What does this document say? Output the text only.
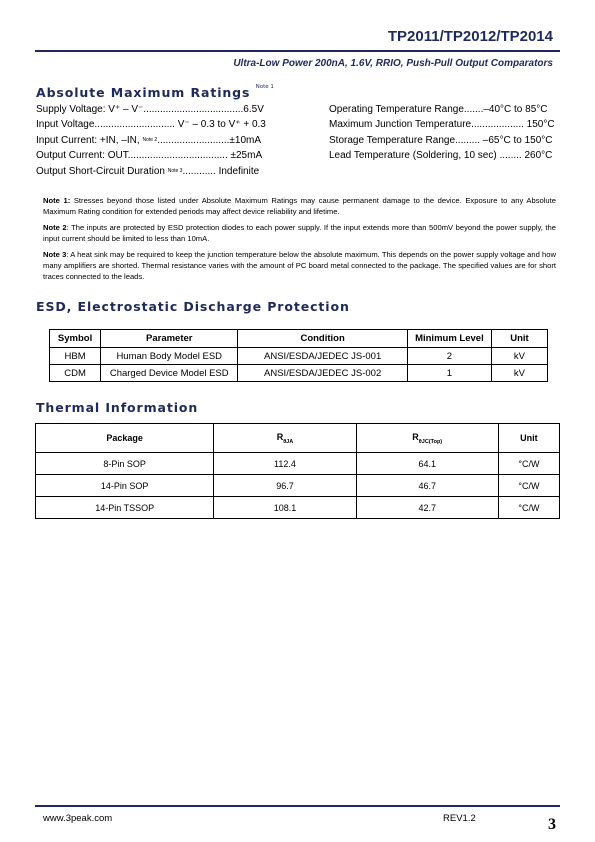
TP2011/TP2012/TP2014
Ultra-Low Power 200nA, 1.6V, RRIO, Push-Pull Output Comparators
Absolute Maximum Ratings $^{Note 1}$
Supply Voltage: V⁺ – V⁻....................................6.5V
Input Voltage............................. V⁻ – 0.3 to V⁺ + 0.3
Input Current: +IN, –IN, $^{Note 2}$..........................±10mA
Output Current: OUT.................................... ±25mA
Output Short-Circuit Duration $^{Note 3}$............ Indefinite
Operating Temperature Range.......–40°C to 85°C
Maximum Junction Temperature................... 150°C
Storage Temperature Range......... –65°C to 150°C
Lead Temperature (Soldering, 10 sec) ........ 260°C

Note 1: Stresses beyond those listed under Absolute Maximum Ratings may cause permanent damage to the device. Exposure to any Absolute Maximum Rating condition for extended periods may affect device reliability and lifetime.

Note 2: The inputs are protected by ESD protection diodes to each power supply. If the input extends more than 500mV beyond the power supply, the input current should be limited to less than 10mA.

Note 3: A heat sink may be required to keep the junction temperature below the absolute maximum. This depends on the power supply voltage and how many amplifiers are shorted. Thermal resistance varies with the amount of PC board metal connected to the package. The specified values are for short traces connected to the leads.

ESD, Electrostatic Discharge Protection
Symbol	Parameter	Condition	Minimum Level	Unit
HBM	Human Body Model ESD	ANSI/ESDA/JEDEC JS-001	2	kV
CDM	Charged Device Model ESD	ANSI/ESDA/JEDEC JS-002	1	kV
Thermal Information
Package	$R_{\theta JA}$	$R_{\theta JC(Top)}$	Unit
8-Pin SOP	112.4	64.1	°C/W
14-Pin SOP	96.7	46.7	°C/W
14-Pin TSSOP	108.1	42.7	°C/W
www.3peak.com	REV1.2	3
